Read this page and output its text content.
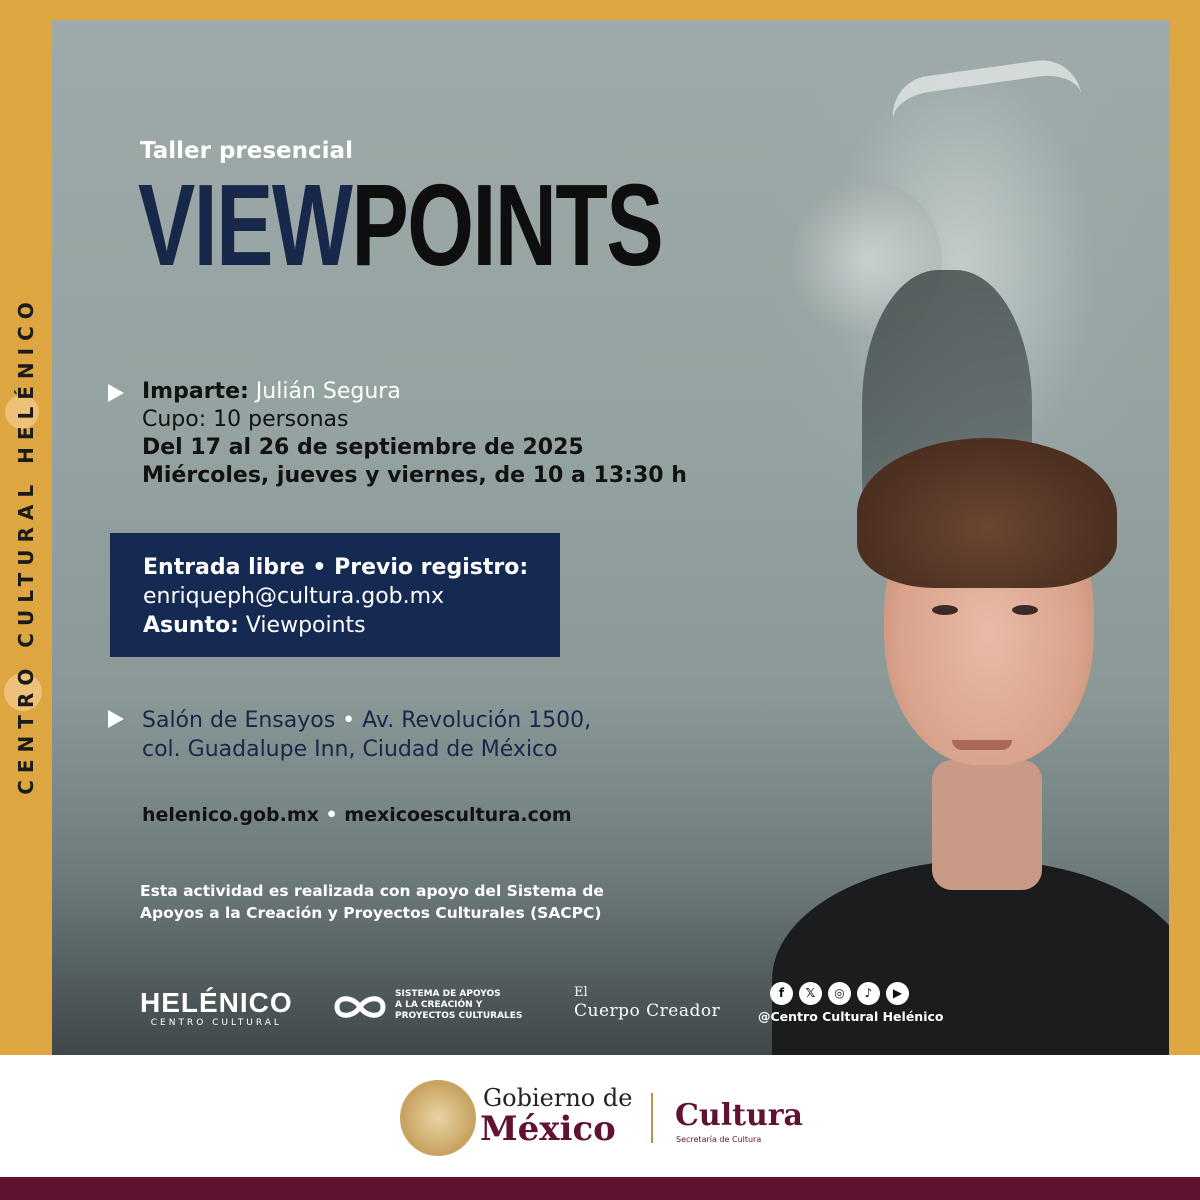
CENTRO CULTURAL HELÉNICO
Taller presencial
VIEWPOINTS
Imparte: Julián Segura
Cupo: 10 personas
Del 17 al 26 de septiembre de 2025
Miércoles, jueves y viernes, de 10 a 13:30 h
Entrada libre • Previo registro:
enriqueph@cultura.gob.mx
Asunto: Viewpoints
Salón de Ensayos • Av. Revolución 1500,
col. Guadalupe Inn, Ciudad de México
helenico.gob.mx • mexicoescultura.com
Esta actividad es realizada con apoyo del Sistema de
Apoyos a la Creación y Proyectos Culturales (SACPC)
HELÉNICO
CENTRO CULTURAL
SISTEMA DE APOYOS
A LA CREACIÓN Y
PROYECTOS CULTURALES
El
Cuerpo Creador
f	𝕏	◎	♪	▶
@Centro Cultural Helénico
Gobierno de
México Cultura
Secretaría de Cultura
